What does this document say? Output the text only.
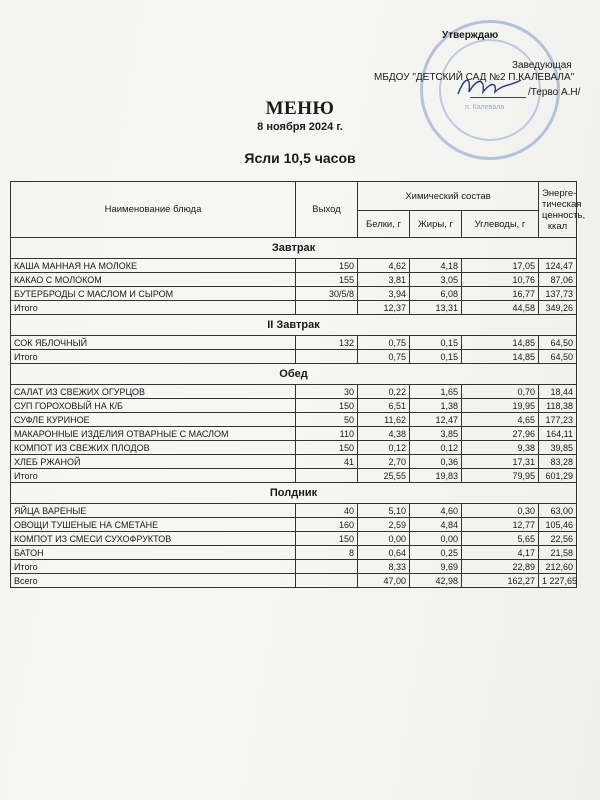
п. Калевала
Утверждаю
Заведующая
МБДОУ "ДЕТСКИЙ САД №2 П.КАЛЕВАЛА"
/Терво А.Н/
МЕНЮ
8 ноября 2024 г.
Ясли 10,5 часов
Наименование блюда	Выход	Химический состав			Энерге-тическая ценность, ккал
		Белки, г	Жиры, г	Углеводы, г	
Завтрак					
КАША МАННАЯ НА МОЛОКЕ	150	4,62	4,18	17,05	124,47
КАКАО С МОЛОКОМ	155	3,81	3,05	10,76	87,06
БУТЕРБРОДЫ С МАСЛОМ И СЫРОМ	30/5/8	3,94	6,08	16,77	137,73
Итого		12,37	13,31	44,58	349,26
II Завтрак					
СОК ЯБЛОЧНЫЙ	132	0,75	0,15	14,85	64,50
Итого		0,75	0,15	14,85	64,50
Обед					
САЛАТ ИЗ СВЕЖИХ ОГУРЦОВ	30	0,22	1,65	0,70	18,44
СУП ГОРОХОВЫЙ НА К/Б	150	6,51	1,38	19,95	118,38
СУФЛЕ КУРИНОЕ	50	11,62	12,47	4,65	177,23
МАКАРОННЫЕ ИЗДЕЛИЯ ОТВАРНЫЕ С МАСЛОМ	110	4,38	3,85	27,96	164,11
КОМПОТ ИЗ СВЕЖИХ ПЛОДОВ	150	0,12	0,12	9,38	39,85
ХЛЕБ РЖАНОЙ	41	2,70	0,36	17,31	83,28
Итого		25,55	19,83	79,95	601,29
Полдник					
ЯЙЦА ВАРЕНЫЕ	40	5,10	4,60	0,30	63,00
ОВОЩИ ТУШЕНЫЕ НА СМЕТАНЕ	160	2,59	4,84	12,77	105,46
КОМПОТ ИЗ СМЕСИ СУХОФРУКТОВ	150	0,00	0,00	5,65	22,56
БАТОН	8	0,64	0,25	4,17	21,58
Итого		8,33	9,69	22,89	212,60
Всего		47,00	42,98	162,27	1 227,65
